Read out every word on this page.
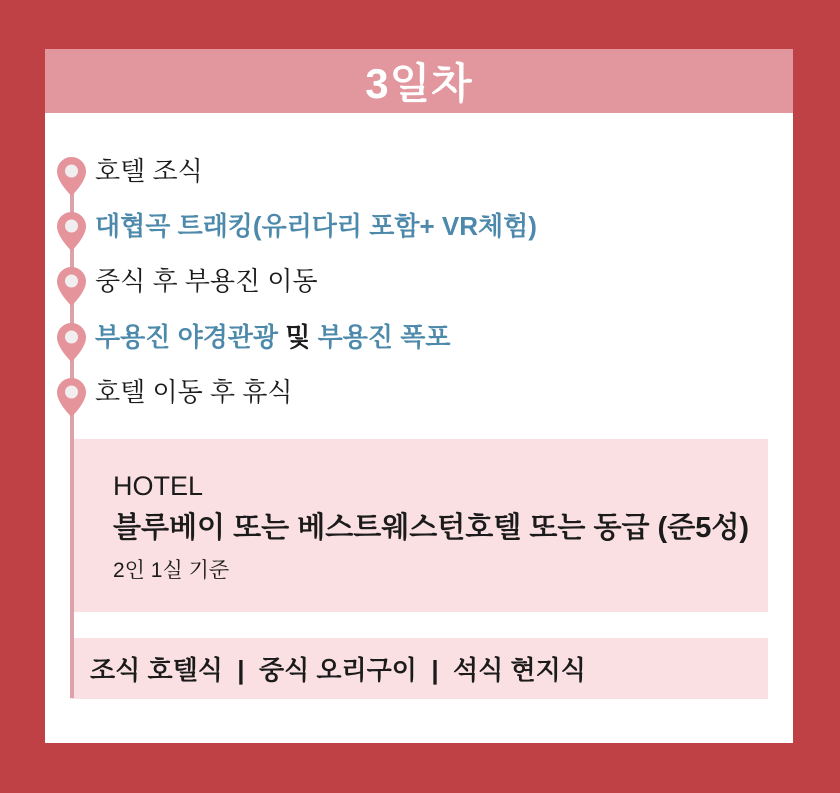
3일차
호텔 조식
대협곡 트래킹(유리다리 포함+ VR체험)
중식 후 부용진 이동
부용진 야경관광 및 부용진 폭포
호텔 이동 후 휴식
HOTEL
블루베이 또는 베스트웨스턴호텔 또는 동급 (준5성)
2인 1실 기준
조식 호텔식  |  중식 오리구이  |  석식 현지식
